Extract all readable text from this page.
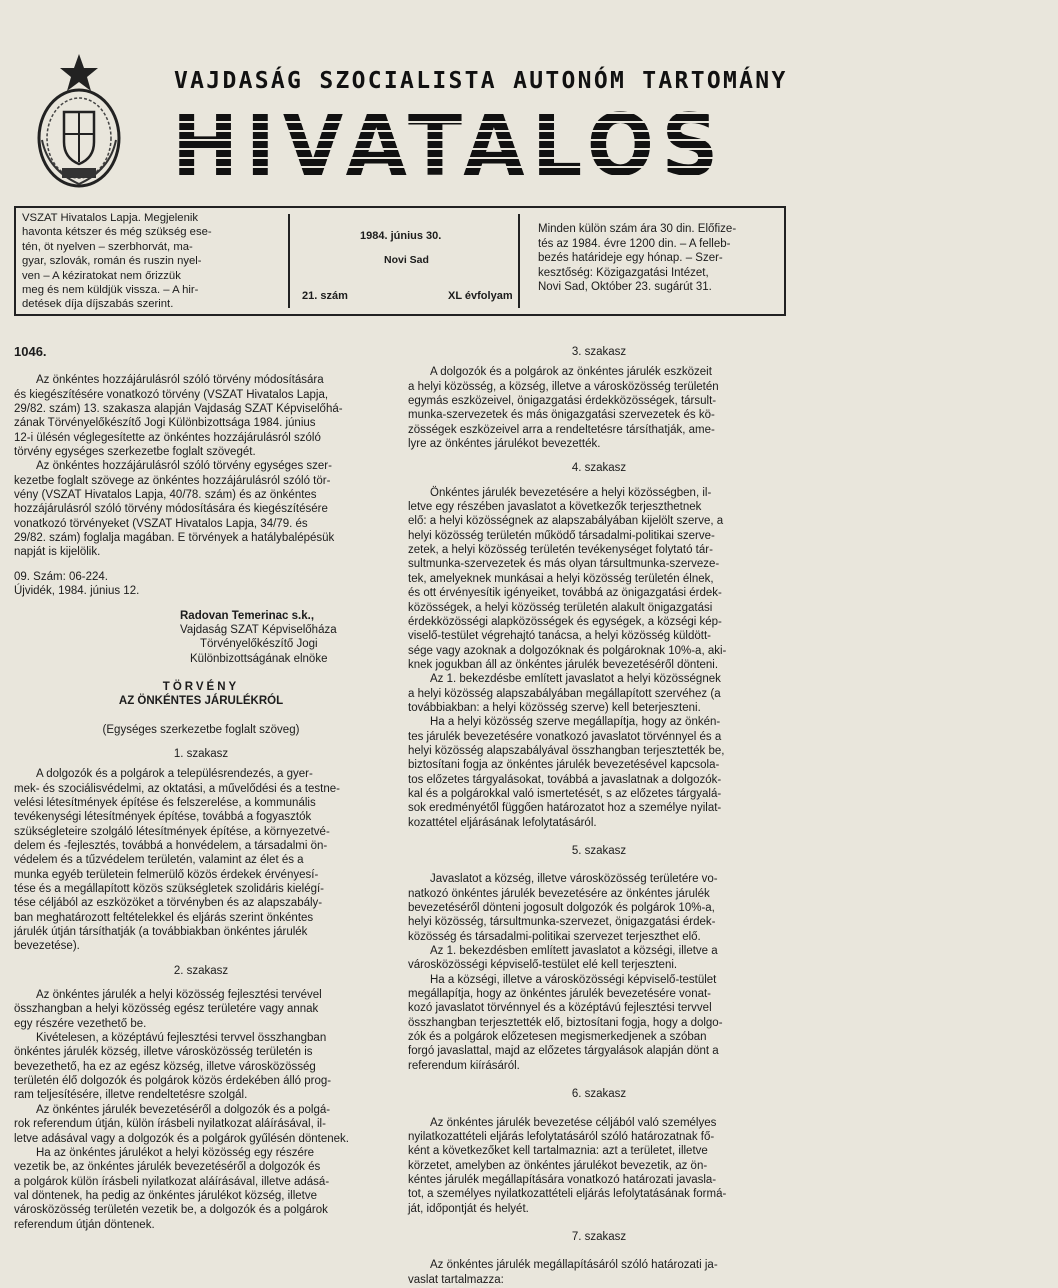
VAJDASÁG SZOCIALISTA AUTONÓM TARTOMÁNY
HIVATALOS LAPJA
VSZAT Hivatalos Lapja. Megjelenik
havonta kétszer és még szükség ese-
tén, öt nyelven – szerbhorvát, ma-
gyar, szlovák, román és ruszin nyel-
ven – A kéziratokat nem őrizzük
meg és nem küldjük vissza. – A hir-
detések díja díjszabás szerint.
1984. június 30.
Novi Sad
21. szám	XL évfolyam
Minden külön szám ára 30 din. Előfize-
tés az 1984. évre 1200 din. – A felleb-
bezés határideje egy hónap. – Szer-
kesztőség: Közigazgatási Intézet,
Novi Sad, Október 23. sugárút 31.
1046.
Az önkéntes hozzájárulásról szóló törvény módosítására
és kiegészítésére vonatkozó törvény (VSZAT Hivatalos Lapja,
29/82. szám) 13. szakasza alapján Vajdaság SZAT Képviselőhá-
zának Törvényelőkészítő Jogi Különbizottsága 1984. június
12-i ülésén véglegesítette az önkéntes hozzájárulásról szóló
törvény egységes szerkezetbe foglalt szövegét.
Az önkéntes hozzájárulásról szóló törvény egységes szer-
kezetbe foglalt szövege az önkéntes hozzájárulásról szóló tör-
vény (VSZAT Hivatalos Lapja, 40/78. szám) és az önkéntes
hozzájárulásról szóló törvény módosítására és kiegészítésére
vonatkozó törvényeket (VSZAT Hivatalos Lapja, 34/79. és
29/82. szám) foglalja magában. E törvények a hatálybalépésük
napját is kijelölik.
09. Szám: 06-224.
Újvidék, 1984. június 12.
Radovan Temerinac s.k.,
Vajdaság SZAT Képviselőháza
Törvényelőkészítő Jogi
Különbizottságának elnöke
TÖRVÉNY
AZ ÖNKÉNTES JÁRULÉKRÓL
(Egységes szerkezetbe foglalt szöveg)
1. szakasz
A dolgozók és a polgárok a településrendezés, a gyer-
mek- és szociálisvédelmi, az oktatási, a művelődési és a testne-
velési létesítmények építése és felszerelése, a kommunális
tevékenységi létesítmények építése, továbbá a fogyasztók
szükségleteire szolgáló létesítmények építése, a környezetvé-
delem és -fejlesztés, továbbá a honvédelem, a társadalmi ön-
védelem és a tűzvédelem területén, valamint az élet és a
munka egyéb területein felmerülő közös érdekek érvényesí-
tése és a megállapított közös szükségletek szolidáris kielégí-
tése céljából az eszközöket a törvényben és az alapszabály-
ban meghatározott feltételekkel és eljárás szerint önkéntes
járulék útján társíthatják (a továbbiakban önkéntes járulék
bevezetése).
2. szakasz
Az önkéntes járulék a helyi közösség fejlesztési tervével
összhangban a helyi közösség egész területére vagy annak
egy részére vezethető be.
Kivételesen, a középtávú fejlesztési tervvel összhangban
önkéntes járulék község, illetve városközösség területén is
bevezethető, ha ez az egész község, illetve városközösség
területén élő dolgozók és polgárok közös érdekében álló prog-
ram teljesítésére, illetve rendeltetésre szolgál.
Az önkéntes járulék bevezetéséről a dolgozók és a polgá-
rok referendum útján, külön írásbeli nyilatkozat aláírásával, il-
letve adásával vagy a dolgozók és a polgárok gyűlésén döntenek.
Ha az önkéntes járulékot a helyi közösség egy részére
vezetik be, az önkéntes járulék bevezetéséről a dolgozók és
a polgárok külön írásbeli nyilatkozat aláírásával, illetve adásá-
val döntenek, ha pedig az önkéntes járulékot község, illetve
városközösség területén vezetik be, a dolgozók és a polgárok
referendum útján döntenek.
3. szakasz
A dolgozók és a polgárok az önkéntes járulék eszközeit
a helyi közösség, a község, illetve a városközösség területén
egymás eszközeivel, önigazgatási érdekközösségek, társult-
munka-szervezetek és más önigazgatási szervezetek és kö-
zösségek eszközeivel arra a rendeltetésre társíthatják, ame-
lyre az önkéntes járulékot bevezették.
4. szakasz
Önkéntes járulék bevezetésére a helyi közösségben, il-
letve egy részében javaslatot a következők terjeszthetnek
elő: a helyi közösségnek az alapszabályában kijelölt szerve, a
helyi közösség területén működő társadalmi-politikai szerve-
zetek, a helyi közösség területén tevékenységet folytató tár-
sultmunka-szervezetek és más olyan társultmunka-szerveze-
tek, amelyeknek munkásai a helyi közösség területén élnek,
és ott érvényesítik igényeiket, továbbá az önigazgatási érdek-
közösségek, a helyi közösség területén alakult önigazgatási
érdekközösségi alapközösségek és egységek, a községi kép-
viselő-testület végrehajtó tanácsa, a helyi közösség küldött-
sége vagy azoknak a dolgozóknak és polgároknak 10%-a, aki-
knek jogukban áll az önkéntes járulék bevezetéséről dönteni.
Az 1. bekezdésbe említett javaslatot a helyi közösségnek
a helyi közösség alapszabályában megállapított szervéhez (a
továbbiakban: a helyi közösség szerve) kell beterjeszteni.
Ha a helyi közösség szerve megállapítja, hogy az önkén-
tes járulék bevezetésére vonatkozó javaslatot törvénnyel és a
helyi közösség alapszabályával összhangban terjesztették be,
biztosítani fogja az önkéntes járulék bevezetésével kapcsola-
tos előzetes tárgyalásokat, továbbá a javaslatnak a dolgozók-
kal és a polgárokkal való ismertetését, s az előzetes tárgyalá-
sok eredményétől függően határozatot hoz a személye nyilat-
kozattétel eljárásának lefolytatásáról.
5. szakasz
Javaslatot a község, illetve városközösség területére vo-
natkozó önkéntes járulék bevezetésére az önkéntes járulék
bevezetéséről dönteni jogosult dolgozók és polgárok 10%-a,
helyi közösség, társultmunka-szervezet, önigazgatási érdek-
közösség és társadalmi-politikai szervezet terjeszthet elő.
Az 1. bekezdésben említett javaslatot a községi, illetve a
városközösségi képviselő-testület elé kell terjeszteni.
Ha a községi, illetve a városközösségi képviselő-testület
megállapítja, hogy az önkéntes járulék bevezetésére vonat-
kozó javaslatot törvénnyel és a középtávú fejlesztési tervvel
összhangban terjesztették elő, biztosítani fogja, hogy a dolgo-
zók és a polgárok előzetesen megismerkedjenek a szóban
forgó javaslattal, majd az előzetes tárgyalások alapján dönt a
referendum kiírásáról.
6. szakasz
Az önkéntes járulék bevezetése céljából való személyes
nyilatkozattételi eljárás lefolytatásáról szóló határozatnak fő-
ként a következőket kell tartalmaznia: azt a területet, illetve
körzetet, amelyben az önkéntes járulékot bevezetik, az ön-
kéntes járulék megállapítására vonatkozó határozati javasla-
tot, a személyes nyilatkozattételi eljárás lefolytatásának formá-
ját, időpontját és helyét.
7. szakasz
Az önkéntes járulék megállapításáról szóló határozati ja-
vaslat tartalmazza:
